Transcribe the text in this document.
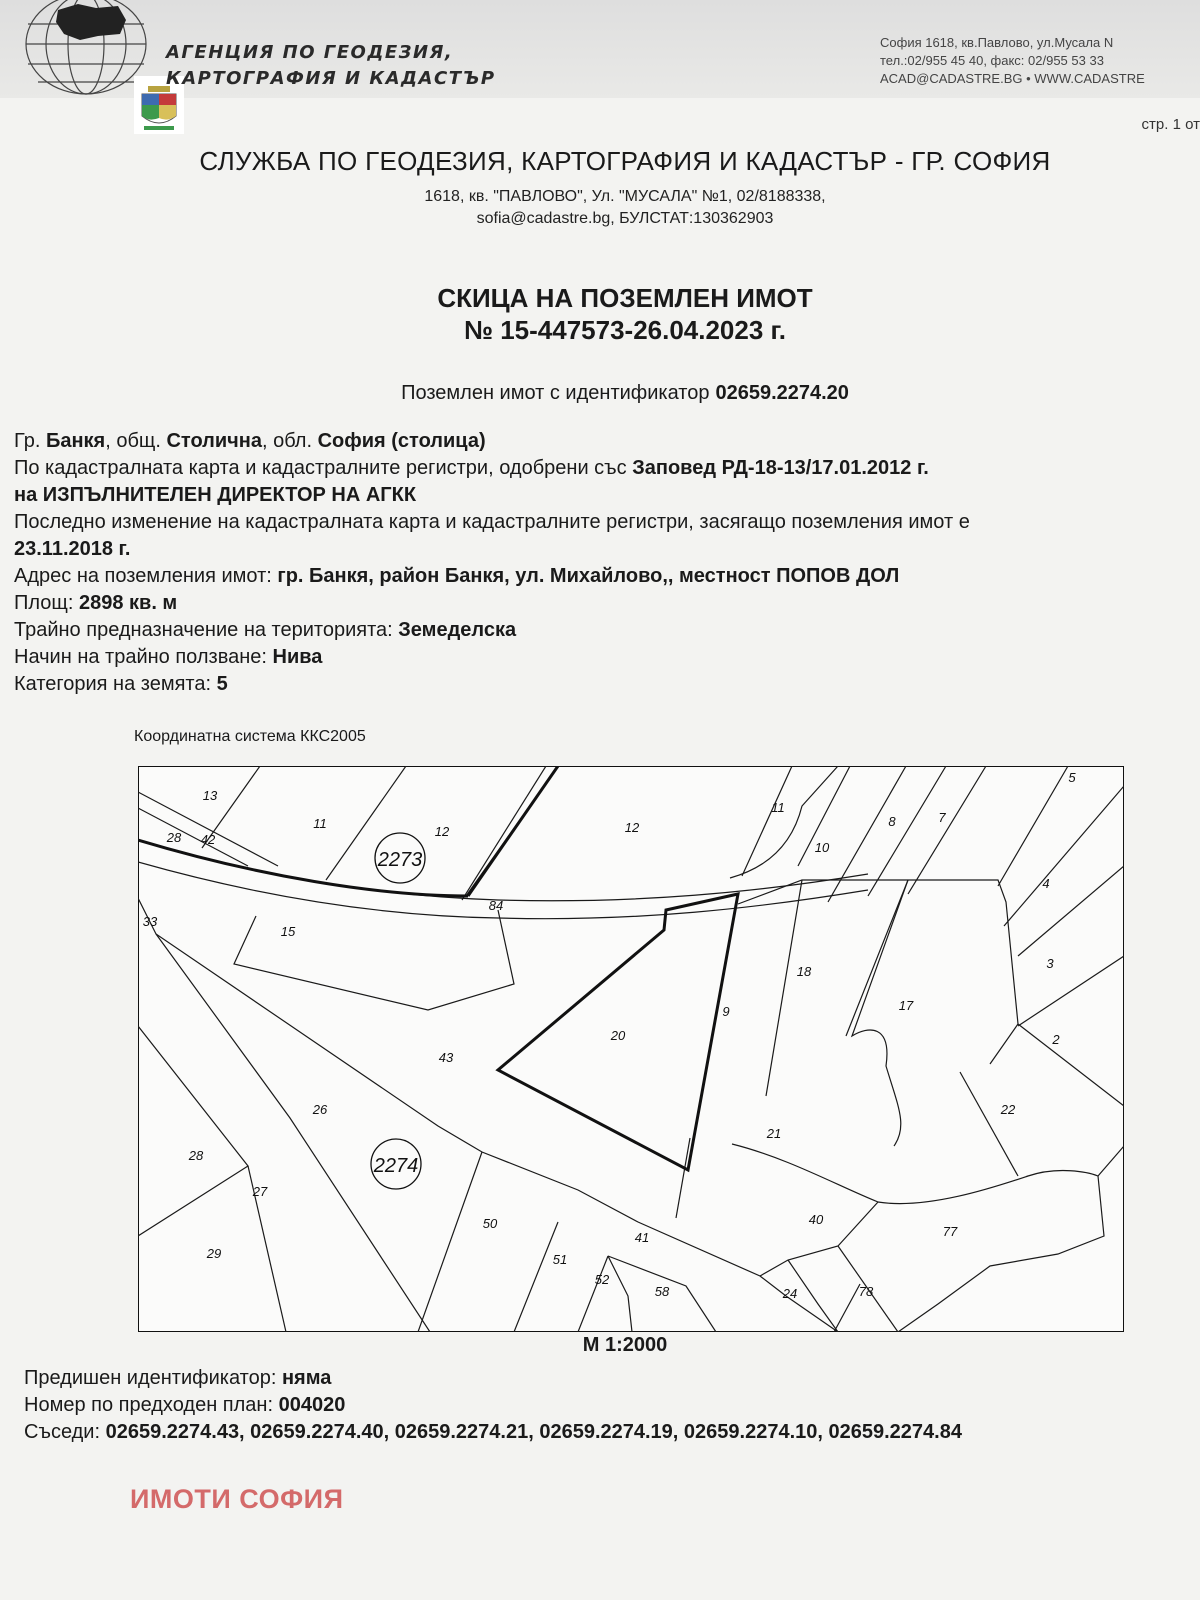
АГЕНЦИЯ ПО ГЕОДЕЗИЯ,
КАРТОГРАФИЯ И КАДАСТЪР
София 1618, кв.Павлово, ул.Мусала N
тел.:02/955 45 40, факс: 02/955 53 33
ACAD@CADASTRE.BG • WWW.CADASTRE
стр. 1 от
СЛУЖБА ПО ГЕОДЕЗИЯ, КАРТОГРАФИЯ И КАДАСТЪР - ГР. СОФИЯ
1618, кв. "ПАВЛОВО", Ул. "МУСАЛА" №1, 02/8188338,
sofia@cadastre.bg, БУЛСТАТ:130362903
СКИЦА НА ПОЗЕМЛЕН ИМОТ
№ 15-447573-26.04.2023 г.
Поземлен имот с идентификатор 02659.2274.20
Гр. Банкя, общ. Столична, обл. София (столица)
По кадастралната карта и кадастралните регистри, одобрени със Заповед РД-18-13/17.01.2012 г.
на ИЗПЪЛНИТЕЛЕН ДИРЕКТОР НА АГКК
Последно изменение на кадастралната карта и кадастралните регистри, засягащо поземления имот е
23.11.2018 г.
Адрес на поземления имот: гр. Банкя, район Банкя, ул. Михайлово,, местност ПОПОВ ДОЛ
Площ: 2898 кв. м
Трайно предназначение на територията: Земеделска
Начин на трайно ползване: Нива
Категория на земята: 5
Координатна система ККС2005
2273
2274
13
11
12	12
11
10
8	7
5
4
3
2
28 42
84
33
15
18
17
9
20
43
21
22
26
28
27
29
50
51
52
58
41
40
77
24	78
М 1:2000
Предишен идентификатор: няма
Номер по предходен план: 004020
Съседи: 02659.2274.43, 02659.2274.40, 02659.2274.21, 02659.2274.19, 02659.2274.10, 02659.2274.84
ИМОТИ СОФИЯ
